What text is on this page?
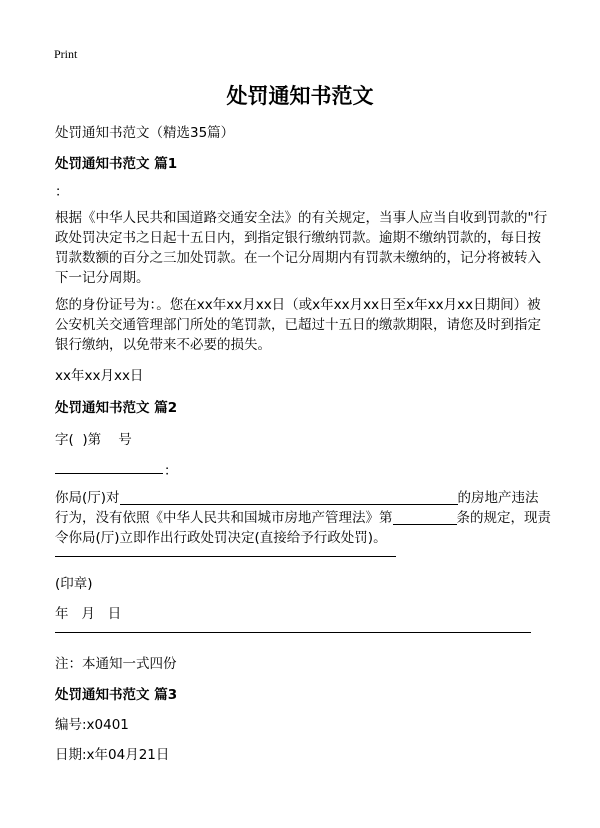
Print
处罚通知书范文
处罚通知书范文（精选35篇）
处罚通知书范文 篇1
：
根据《中华人民共和国道路交通安全法》的有关规定，当事人应当自收到罚款的"行政处罚决定书之日起十五日内，到指定银行缴纳罚款。逾期不缴纳罚款的，每日按罚款数额的百分之三加处罚款。在一个记分周期内有罚款未缴纳的，记分将被转入下一记分周期。
您的身份证号为：。您在xx年xx月xx日（或x年xx月xx日至x年xx月xx日期间）被公安机关交通管理部门所处的笔罚款，已超过十五日的缴款期限，请您及时到指定银行缴纳，以免带来不必要的损失。
xx年xx月xx日
处罚通知书范文 篇2
字(  )第    号
：
你局(厅)对	的房地产违法行为，没有依照《中华人民共和国城市房地产管理法》第	条的规定，现责令你局(厅)立即作出行政处罚决定(直接给予行政处罚)。
(印章)
年   月   日
注：本通知一式四份
处罚通知书范文 篇3
编号:x0401
日期:x年04月21日
